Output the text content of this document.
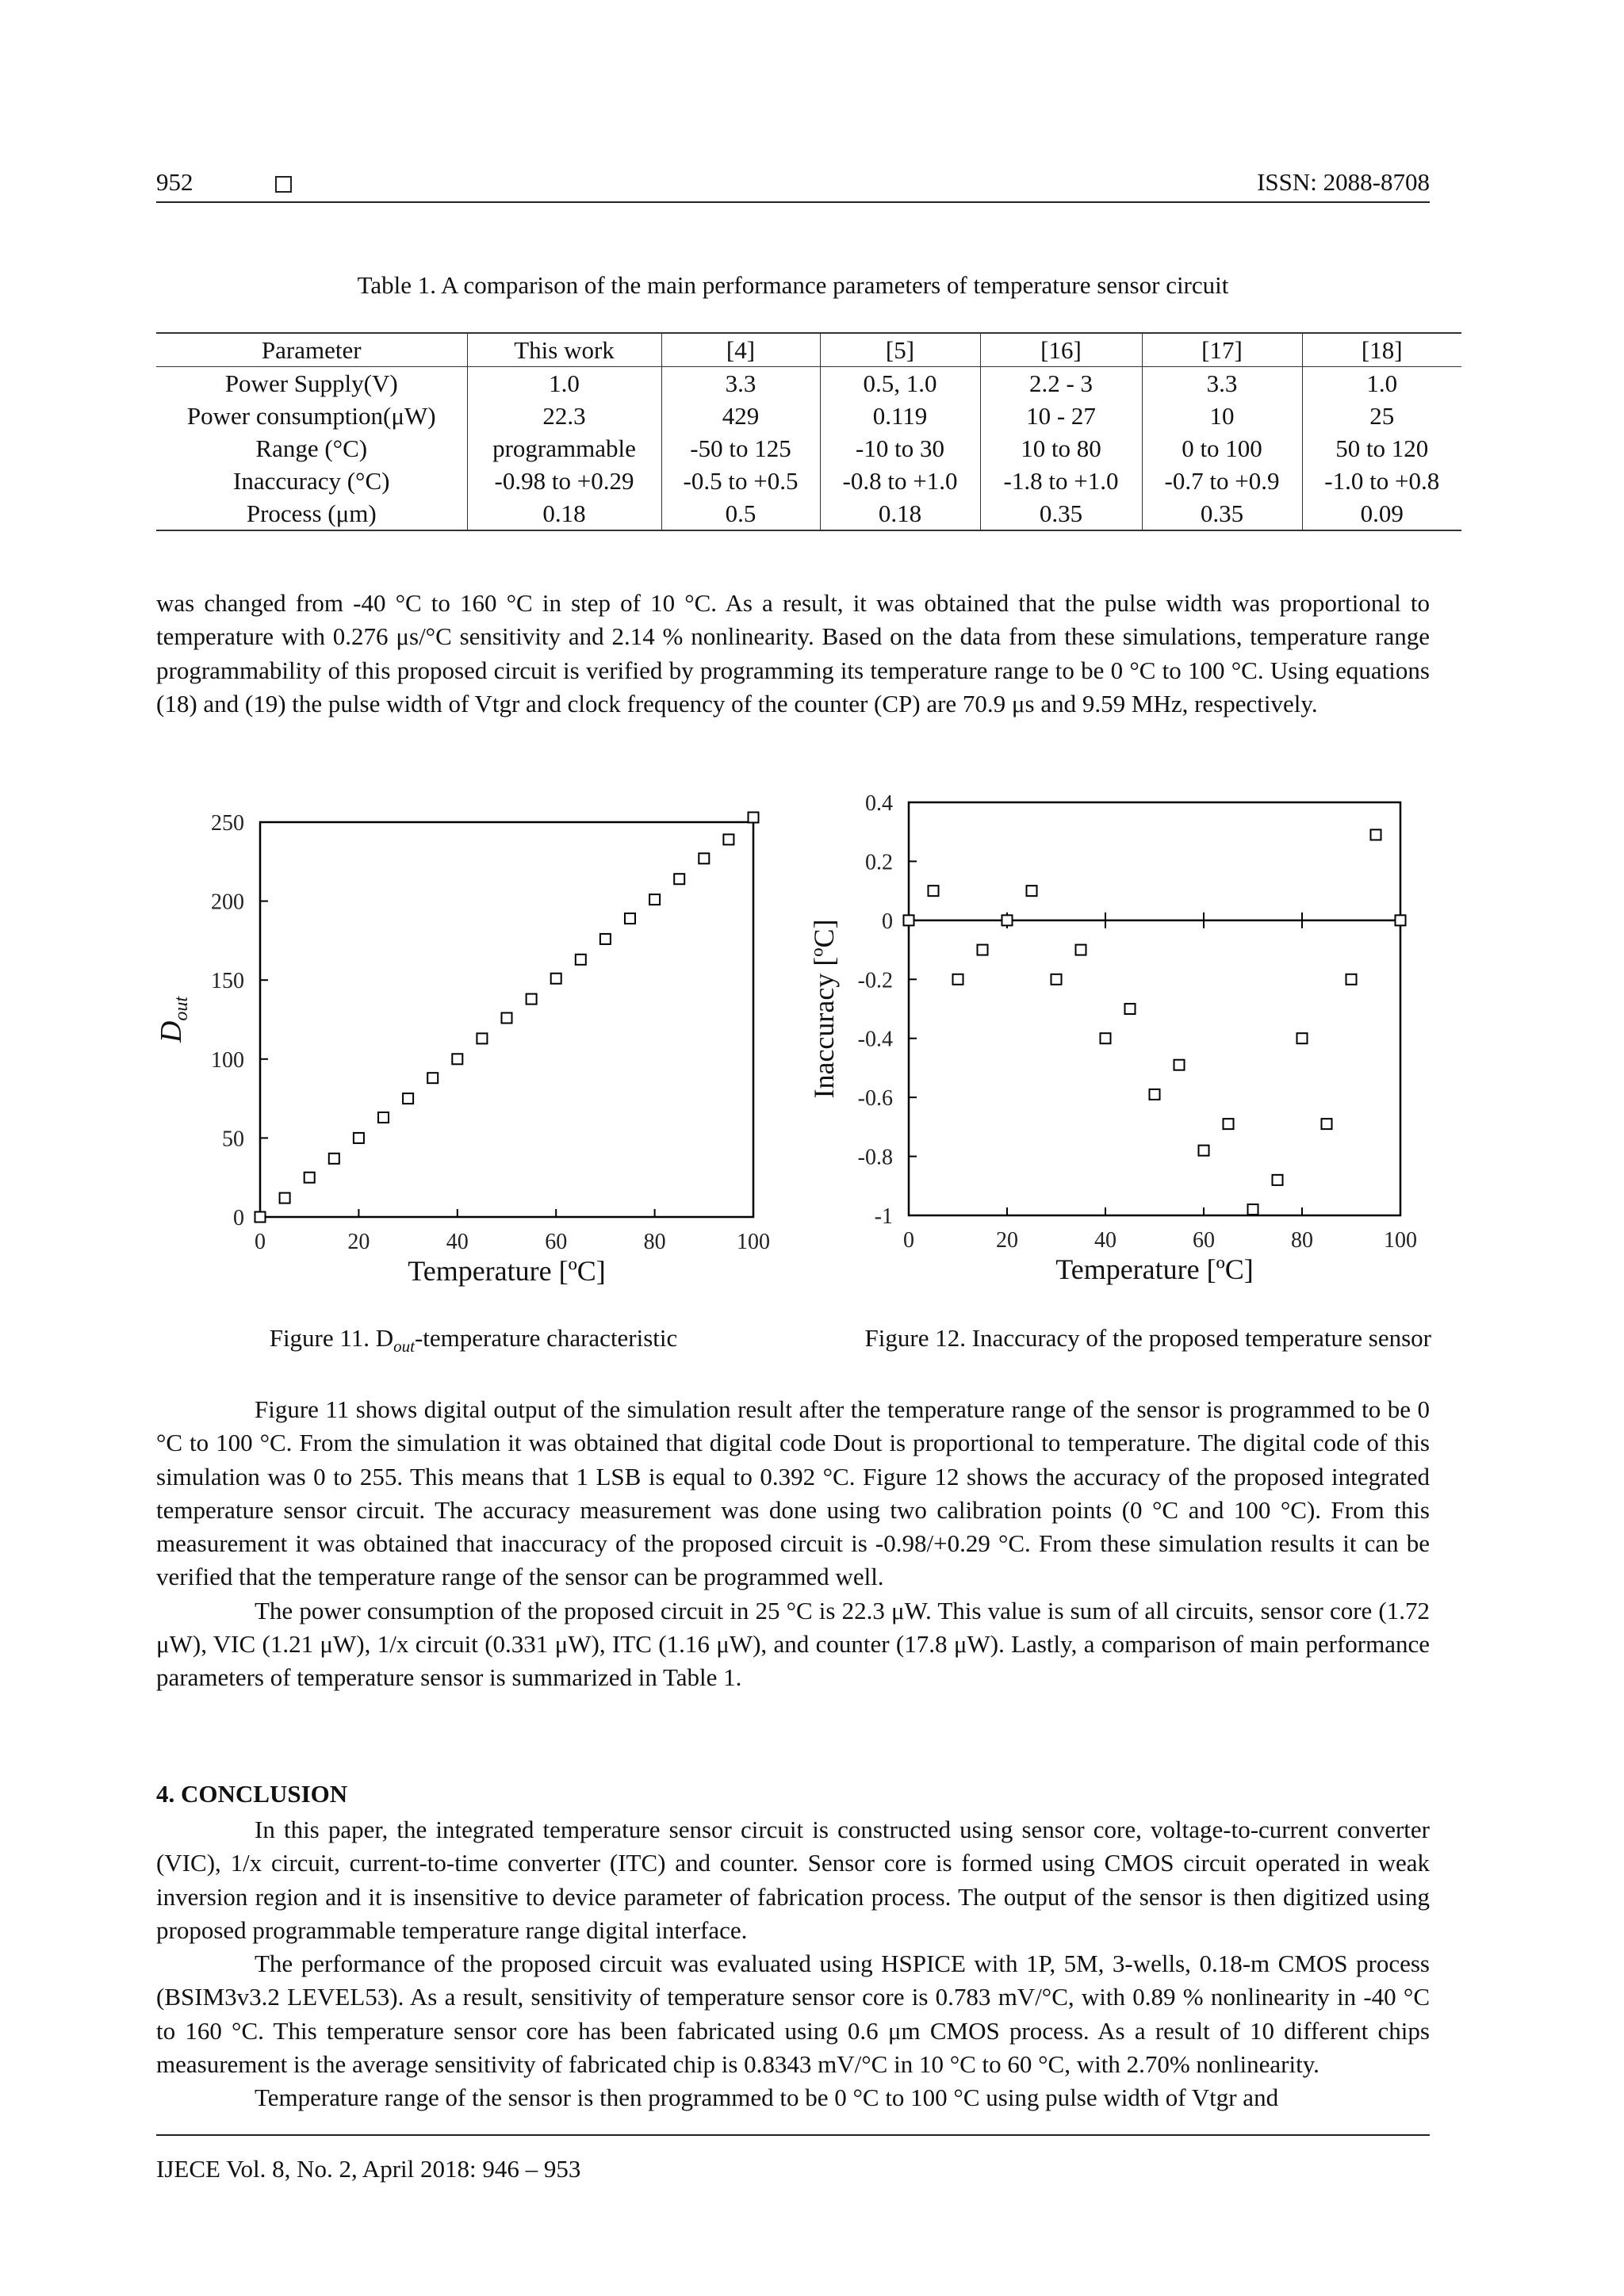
952	ISSN: 2088-8708
Table 1. A comparison of the main performance parameters of temperature sensor circuit
Parameter	This work	[4]	[5]	[16]	[17]	[18]
Power Supply(V)	1.0	3.3	0.5, 1.0	2.2 - 3	3.3	1.0
Power consumption(μW)	22.3	429	0.119	10 - 27	10	25
Range (°C)	programmable	-50 to 125	-10 to 30	10 to 80	0 to 100	50 to 120
Inaccuracy (°C)	-0.98 to +0.29	-0.5 to +0.5	-0.8 to +1.0	-1.8 to +1.0	-0.7 to +0.9	-1.0 to +0.8
Process (μm)	0.18	0.5	0.18	0.35	0.35	0.09

was changed from -40 °C to 160 °C in step of 10 °C. As a result, it was obtained that the pulse width was proportional to temperature with 0.276 μs/°C sensitivity and 2.14 % nonlinearity. Based on the data from these simulations, temperature range programmability of this proposed circuit is verified by programming its temperature range to be 0 °C to 100 °C. Using equations (18) and (19) the pulse width of Vtgr and clock frequency of the counter (CP) are 70.9 μs and 9.59 MHz, respectively.

0
50
100
150
200
250
0	20	40	60	80	100
Temperature [ºC]
$D_{out}$
Figure 11. $D_{out}$-temperature characteristic
0.4
0.2
0
-0.2
-0.4
-0.6
-0.8
-1
0	20	40	60	80	100
Temperature [ºC]
Inaccuracy [ºC]
Figure 12. Inaccuracy of the proposed temperature sensor

Figure 11 shows digital output of the simulation result after the temperature range of the sensor is programmed to be 0 °C to 100 °C. From the simulation it was obtained that digital code Dout is proportional to temperature. The digital code of this simulation was 0 to 255. This means that 1 LSB is equal to 0.392 °C. Figure 12 shows the accuracy of the proposed integrated temperature sensor circuit. The accuracy measurement was done using two calibration points (0 °C and 100 °C). From this measurement it was obtained that inaccuracy of the proposed circuit is -0.98/+0.29 °C. From these simulation results it can be verified that the temperature range of the sensor can be programmed well.

The power consumption of the proposed circuit in 25 °C is 22.3 μW. This value is sum of all circuits, sensor core (1.72 μW), VIC (1.21 μW), 1/x circuit (0.331 μW), ITC (1.16 μW), and counter (17.8 μW). Lastly, a comparison of main performance parameters of temperature sensor is summarized in Table 1.

4. CONCLUSION

In this paper, the integrated temperature sensor circuit is constructed using sensor core, voltage-to-current converter (VIC), 1/x circuit, current-to-time converter (ITC) and counter. Sensor core is formed using CMOS circuit operated in weak inversion region and it is insensitive to device parameter of fabrication process. The output of the sensor is then digitized using proposed programmable temperature range digital interface.

The performance of the proposed circuit was evaluated using HSPICE with 1P, 5M, 3-wells, 0.18-m CMOS process (BSIM3v3.2 LEVEL53). As a result, sensitivity of temperature sensor core is 0.783 mV/°C, with 0.89 % nonlinearity in -40 °C to 160 °C. This temperature sensor core has been fabricated using 0.6 μm CMOS process. As a result of 10 different chips measurement is the average sensitivity of fabricated chip is 0.8343 mV/°C in 10 °C to 60 °C, with 2.70% nonlinearity.

Temperature range of the sensor is then programmed to be 0 °C to 100 °C using pulse width of Vtgr and

IJECE Vol. 8, No. 2, April 2018: 946 – 953
